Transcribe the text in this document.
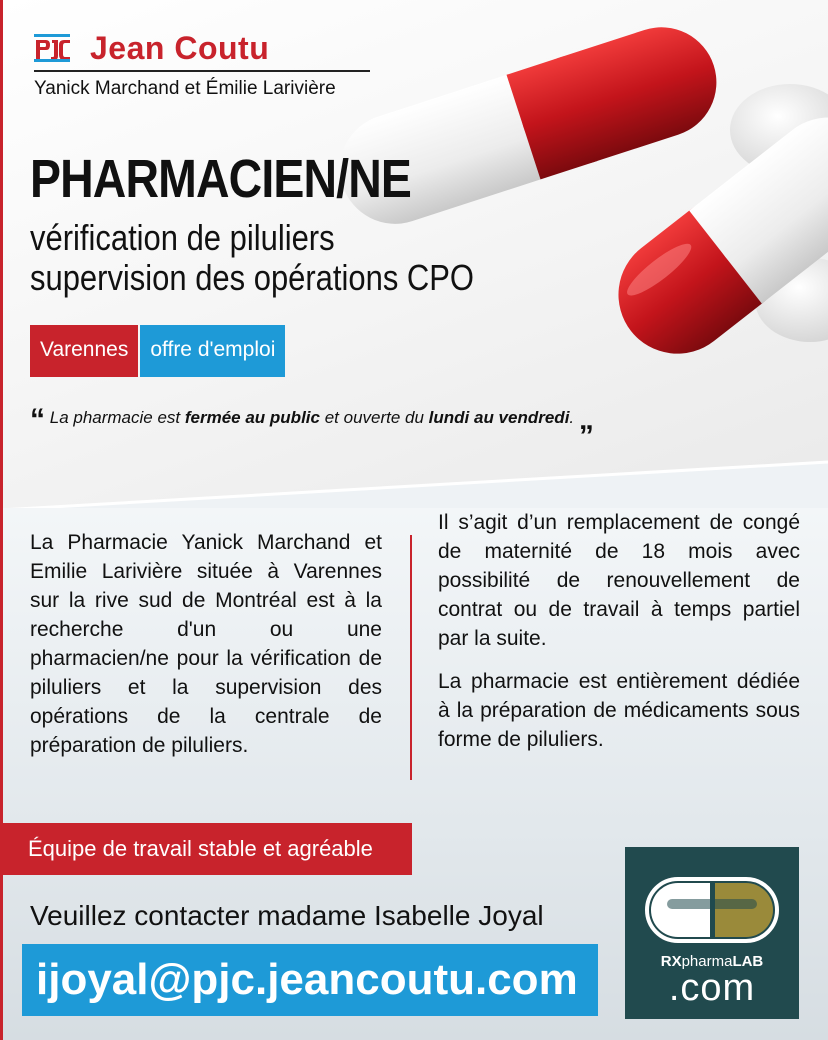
Jean Coutu
Yanick Marchand et Émilie Larivière
PHARMACIEN/NE
vérification de piluliers
supervision des opérations CPO
Varennes	offre d'emploi
“ La pharmacie est fermée au public et ouverte du lundi au vendredi. „

La Pharmacie Yanick Marchand et Emilie Larivière située à Varennes sur la rive sud de Montréal est à la recherche d'un ou une pharmacien/ne pour la vérification de piluliers et la supervision des opérations de la centrale de préparation de piluliers.

Il s’agit d’un remplacement de congé de maternité de 18 mois avec possibilité de renouvellement de contrat ou de travail à temps partiel par la suite.

La pharmacie est entièrement dédiée à la préparation de médicaments sous forme de piluliers.

Équipe de travail stable et agréable
Veuillez contacter madame Isabelle Joyal
ijoyal@pjc.jeancoutu.com	RXpharmaLAB
.com
